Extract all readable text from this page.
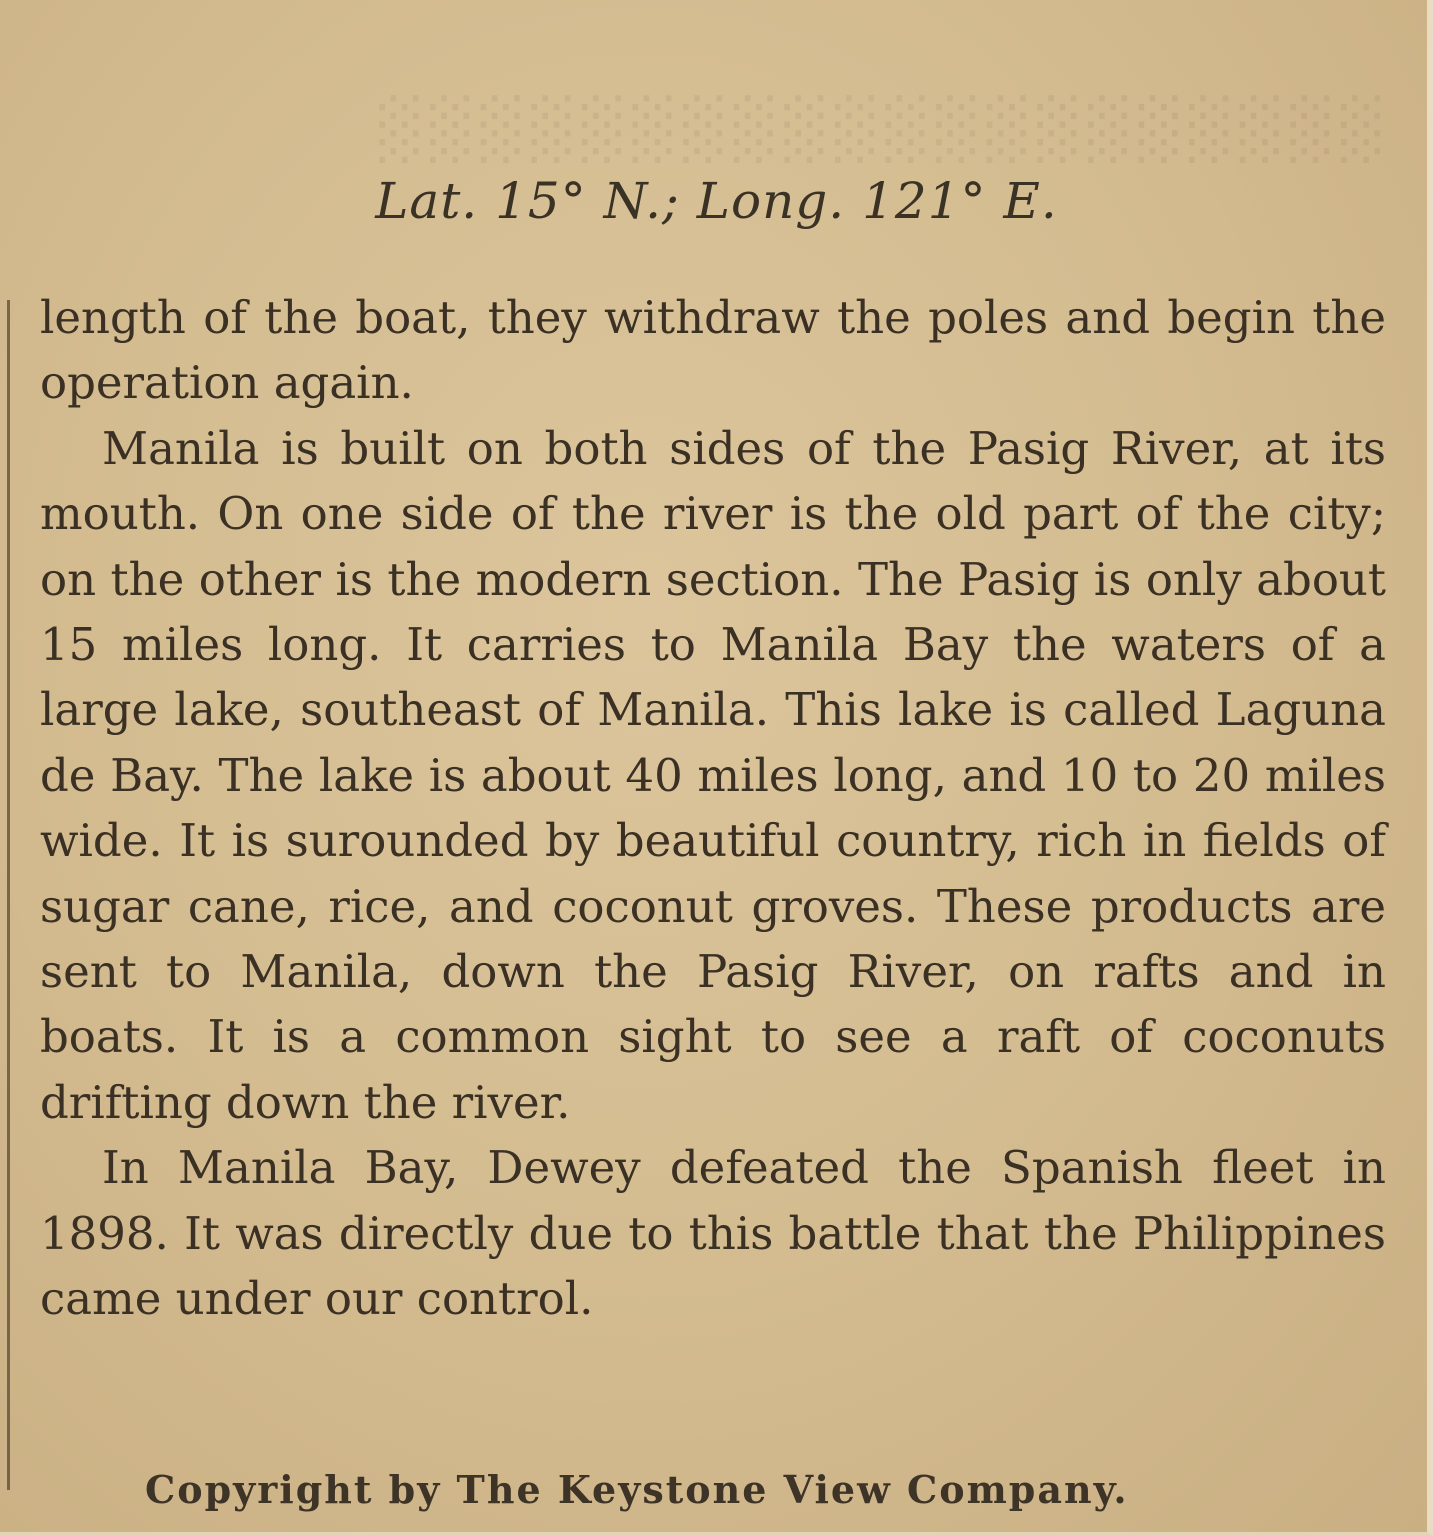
░░░░░░░░░░░░░░░░░░░░
Lat. 15° N.; Long. 121° E.

length of the boat, they withdraw the poles and begin the operation again.

Manila is built on both sides of the Pasig River, at its mouth. On one side of the river is the old part of the city; on the other is the modern section. The Pasig is only about 15 miles long. It carries to Manila Bay the waters of a large lake, southeast of Manila. This lake is called Laguna de Bay. The lake is about 40 miles long, and 10 to 20 miles wide. It is surounded by beautiful country, rich in fields of sugar cane, rice, and coconut groves. These products are sent to Manila, down the Pasig River, on rafts and in boats. It is a common sight to see a raft of coconuts drifting down the river.

In Manila Bay, Dewey defeated the Spanish fleet in 1898. It was directly due to this battle that the Philippines came under our control.

Copyright by The Keystone View Company.
